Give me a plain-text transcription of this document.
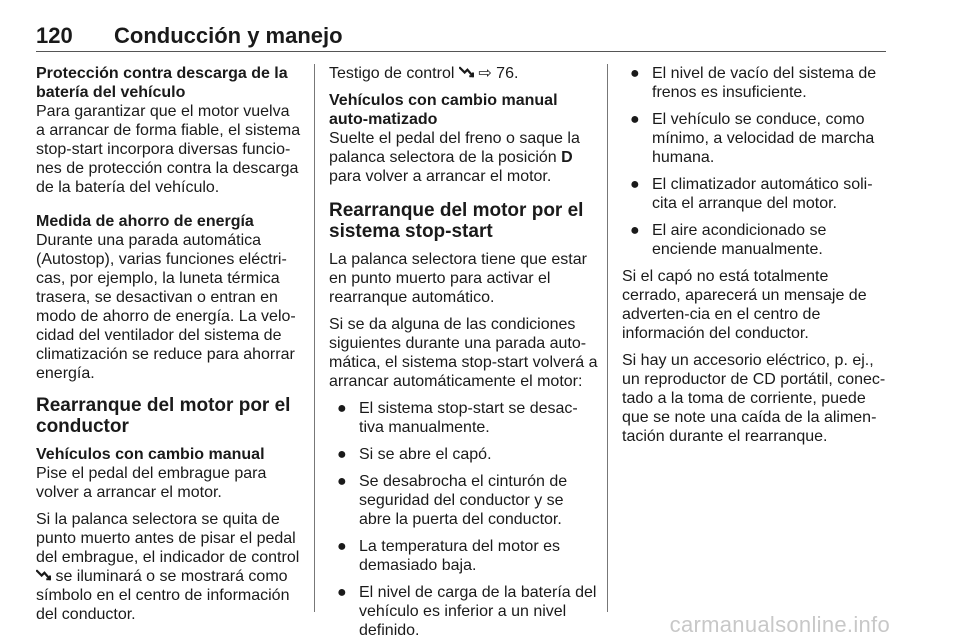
120 Conducción y manejo
Protección contra descarga de la batería del vehículo
Para garantizar que el motor vuelva a arrancar de forma fiable, el sistema stop-start incorpora diversas funcio-nes de protección contra la descarga de la batería del vehículo.
Medida de ahorro de energía
Durante una parada automática (Autostop), varias funciones eléctri-cas, por ejemplo, la luneta térmica trasera, se desactivan o entran en modo de ahorro de energía. La velo-cidad del ventilador del sistema de climatización se reduce para ahorrar energía.
Rearranque del motor por el conductor
Vehículos con cambio manual
Pise el pedal del embrague para volver a arrancar el motor.
Si la palanca selectora se quita de punto muerto antes de pisar el pedal del embrague, el indicador de control  se iluminará o se mostrará como símbolo en el centro de información del conductor.
Testigo de control ⇨ 76.
Vehículos con cambio manual auto-matizado
Suelte el pedal del freno o saque la palanca selectora de la posición D para volver a arrancar el motor.
Rearranque del motor por el sistema stop-start
La palanca selectora tiene que estar en punto muerto para activar el rearranque automático.
Si se da alguna de las condiciones siguientes durante una parada auto-mática, el sistema stop-start volverá a arrancar automáticamente el motor:
● El sistema stop-start se desac-tiva manualmente.
● Si se abre el capó.
● Se desabrocha el cinturón de seguridad del conductor y se abre la puerta del conductor.
● La temperatura del motor es demasiado baja.
● El nivel de carga de la batería del vehículo es inferior a un nivel definido.
● El nivel de vacío del sistema de frenos es insuficiente.
● El vehículo se conduce, como mínimo, a velocidad de marcha humana.
● El climatizador automático soli-cita el arranque del motor.
● El aire acondicionado se enciende manualmente.
Si el capó no está totalmente cerrado, aparecerá un mensaje de adverten-cia en el centro de información del conductor.
Si hay un accesorio eléctrico, p. ej., un reproductor de CD portátil, conec-tado a la toma de corriente, puede que se note una caída de la alimen-tación durante el rearranque.
carmanualsonline.info
